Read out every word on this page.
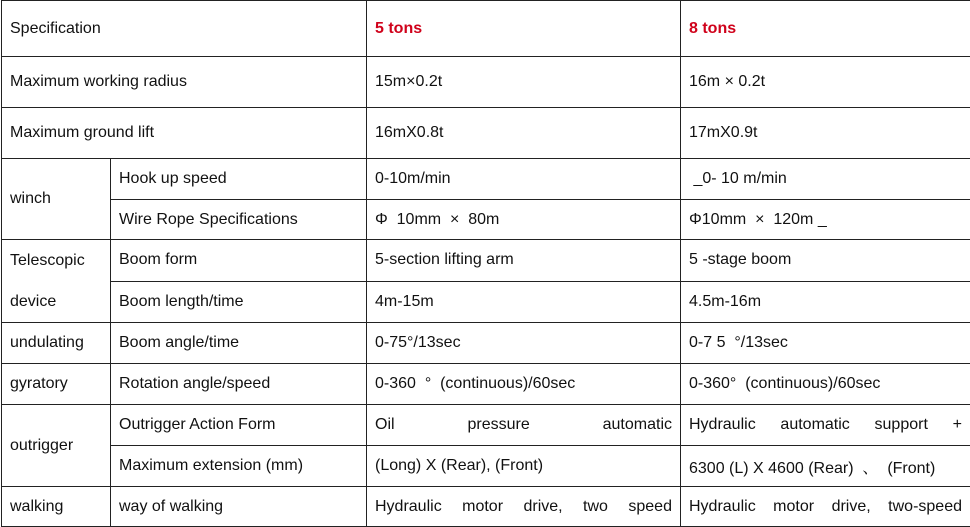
Specification		5 tons	8 tons
Maximum working radius		15m×0.2t	16m × 0.2t
Maximum ground lift		16mX0.8t	17mX0.9t
winch	Hook up speed	0-10m/min	_0- 10 m/min
	Wire Rope Specifications	Φ  10mm  ×  80m	Φ10mm  ×  120m _

Telescopic
device	Boom form	5-section lifting arm	5 -stage boom
	Boom length/time	4m-15m	4.5m-16m
undulating	Boom angle/time	0-75°/13sec	0-7 5  °/13sec
gyratory	Rotation angle/speed	0-360  °  (continuous)/60sec	0-360°  (continuous)/60sec
outrigger	Outrigger Action Form	Oil pressure automatic	Hydraulic automatic support +

	Maximum extension (mm)	(Long) X (Rear), (Front)	6300 (L) X 4600 (Rear)  、  (Front)
walking	way of walking	Hydraulic motor drive, two speed	Hydraulic motor drive, two-speed
